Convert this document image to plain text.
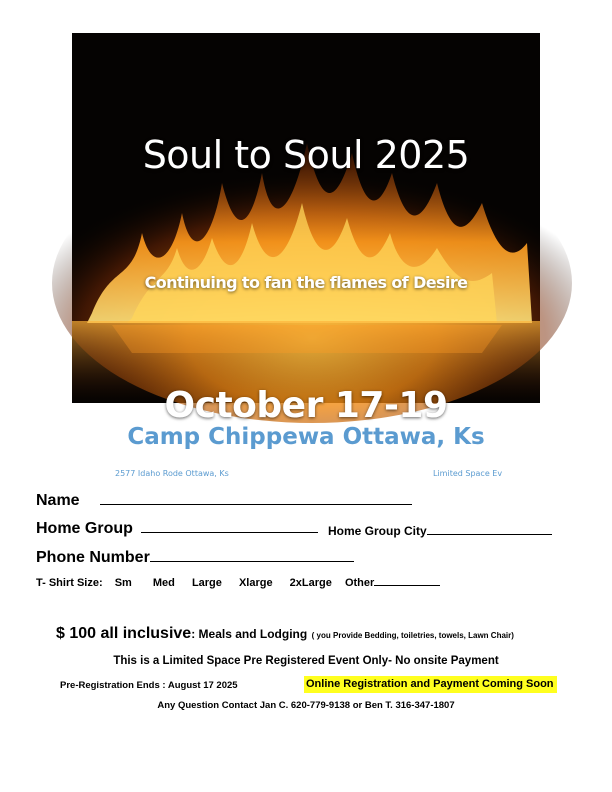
Soul to Soul 2025
Continuing to fan the flames of Desire
October 17-19
Camp Chippewa Ottawa, Ks
2577 Idaho Rode Ottawa, Ks	Limited Space Ev
Name
Home Group	Home Group City
Phone Number
T- Shirt Size: Sm Med Large Xlarge 2xLarge Other
$ 100 all inclusive: Meals and Lodging ( you Provide Bedding, toiletries, towels, Lawn Chair)
This is a Limited Space Pre Registered Event Only- No onsite Payment
Pre-Registration Ends : August 17 2025	Online Registration and Payment Coming Soon
Any Question Contact Jan C. 620-779-9138 or Ben T. 316-347-1807
